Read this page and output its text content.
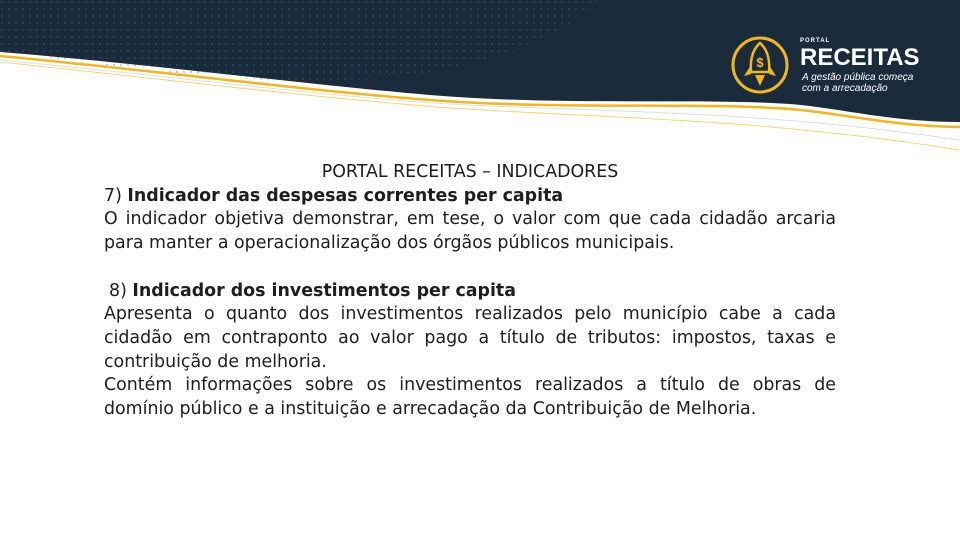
$
PORTAL
RECEITAS
A gestão pública começa
com a arrecadação

PORTAL RECEITAS – INDICADORES

7) Indicador das despesas correntes per capita

O indicador objetiva demonstrar, em tese, o valor com que cada cidadão arcaria para manter a operacionalização dos órgãos públicos municipais.

8) Indicador dos investimentos per capita

Apresenta o quanto dos investimentos realizados pelo município cabe a cada cidadão em contraponto ao valor pago a título de tributos: impostos, taxas e contribuição de melhoria.

Contém informações sobre os investimentos realizados a título de obras de domínio público e a instituição e arrecadação da Contribuição de Melhoria.
